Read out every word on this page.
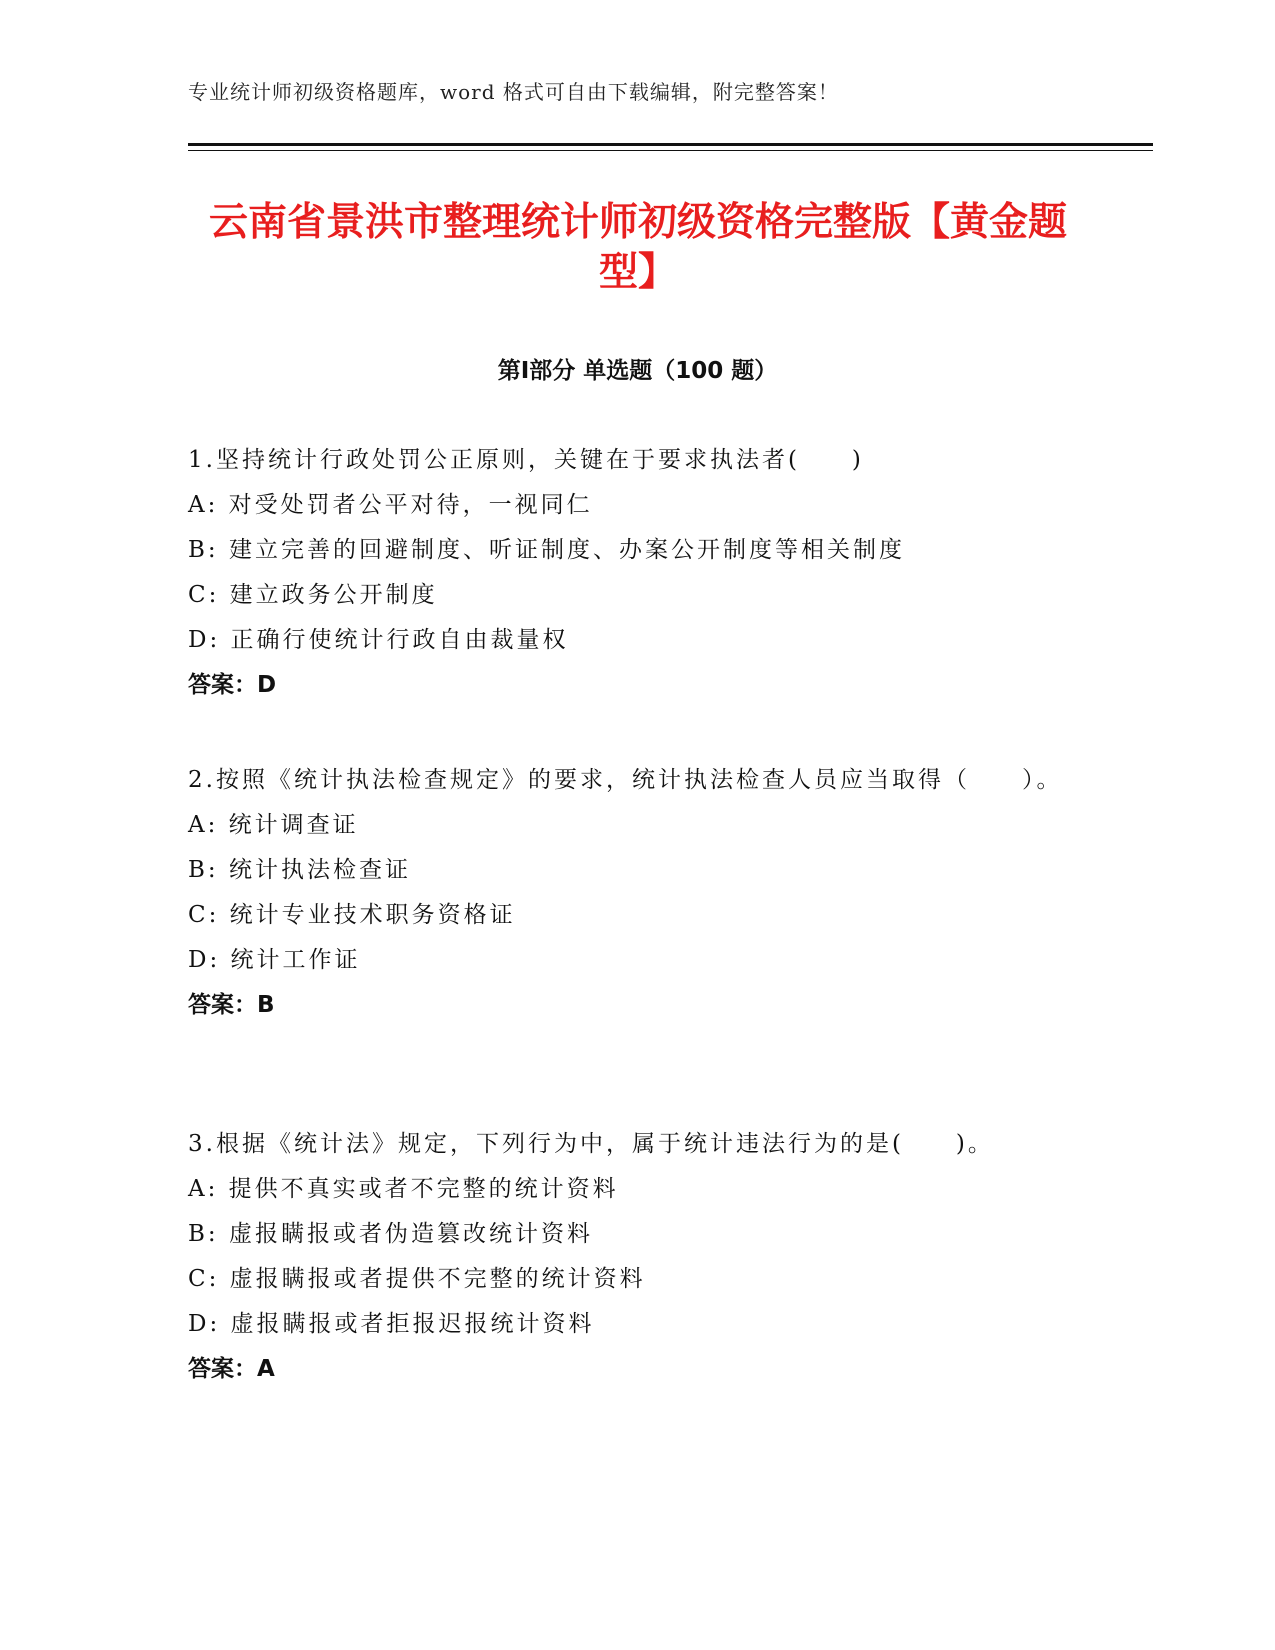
专业统计师初级资格题库，word 格式可自由下载编辑，附完整答案！
云南省景洪市整理统计师初级资格完整版【黄金题型】
第Ⅰ部分 单选题（100 题）
1.坚持统计行政处罚公正原则，关键在于要求执法者(　　)
A: 对受处罚者公平对待，一视同仁
B: 建立完善的回避制度、听证制度、办案公开制度等相关制度
C: 建立政务公开制度
D: 正确行使统计行政自由裁量权
答案：D
2.按照《统计执法检查规定》的要求，统计执法检查人员应当取得（　　）。
A: 统计调查证
B: 统计执法检查证
C: 统计专业技术职务资格证
D: 统计工作证
答案：B
3.根据《统计法》规定，下列行为中，属于统计违法行为的是(　　)。
A: 提供不真实或者不完整的统计资料
B: 虚报瞒报或者伪造篡改统计资料
C: 虚报瞒报或者提供不完整的统计资料
D: 虚报瞒报或者拒报迟报统计资料
答案：A
